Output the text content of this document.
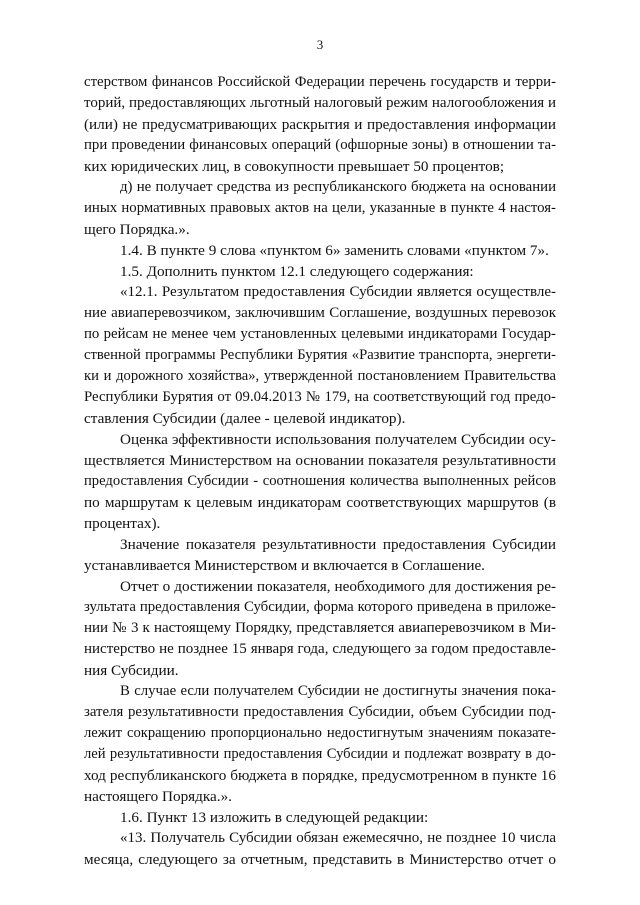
3
стерством финансов Российской Федерации перечень государств и терри-
торий, предоставляющих льготный налоговый режим налогообложения и
(или) не предусматривающих раскрытия и предоставления информации
при проведении финансовых операций (офшорные зоны) в отношении та-
ких юридических лиц, в совокупности превышает 50 процентов;
д) не получает средства из республиканского бюджета на основании
иных нормативных правовых актов на цели, указанные в пункте 4 настоя-
щего Порядка.».
1.4. В пункте 9 слова «пунктом 6» заменить словами «пунктом 7».
1.5. Дополнить пунктом 12.1 следующего содержания:
«12.1. Результатом предоставления Субсидии является осуществле-
ние авиаперевозчиком, заключившим Соглашение, воздушных перевозок
по рейсам не менее чем установленных целевыми индикаторами Государ-
ственной программы Республики Бурятия «Развитие транспорта, энергети-
ки и дорожного хозяйства», утвержденной постановлением Правительства
Республики Бурятия от 09.04.2013 № 179, на соответствующий год предо-
ставления Субсидии (далее - целевой индикатор).
Оценка эффективности использования получателем Субсидии осу-
ществляется Министерством на основании показателя результативности
предоставления Субсидии - соотношения количества выполненных рейсов
по маршрутам к целевым индикаторам соответствующих маршрутов (в
процентах).
Значение показателя результативности предоставления Субсидии
устанавливается Министерством и включается в Соглашение.
Отчет о достижении показателя, необходимого для достижения ре-
зультата предоставления Субсидии, форма которого приведена в приложе-
нии № 3 к настоящему Порядку, представляется авиаперевозчиком в Ми-
нистерство не позднее 15 января года, следующего за годом предоставле-
ния Субсидии.
В случае если получателем Субсидии не достигнуты значения пока-
зателя результативности предоставления Субсидии, объем Субсидии под-
лежит сокращению пропорционально недостигнутым значениям показате-
лей результативности предоставления Субсидии и подлежат возврату в до-
ход республиканского бюджета в порядке, предусмотренном в пункте 16
настоящего Порядка.».
1.6. Пункт 13 изложить в следующей редакции:
«13. Получатель Субсидии обязан ежемесячно, не позднее 10 числа
месяца, следующего за отчетным, представить в Министерство отчет о
